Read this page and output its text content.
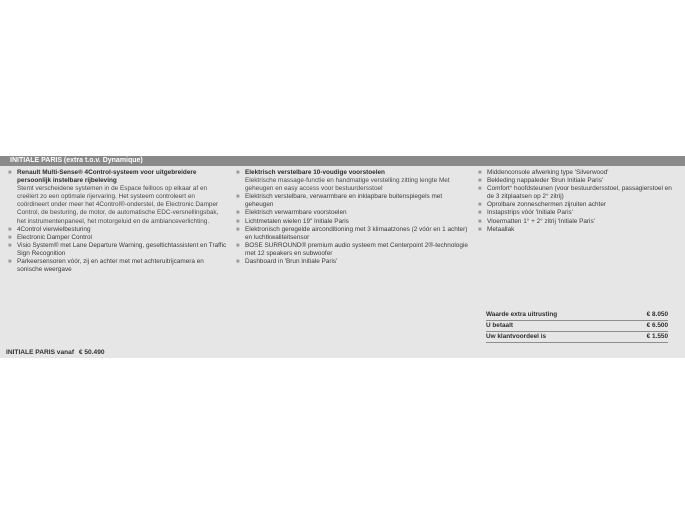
INITIALE PARIS (extra t.o.v. Dynamique)
■ Renault Multi-Sense® 4Control-systeem voor uitgebreidere persoonlijk instelbare rijbeleving
Stemt verscheidene systemen in de Espace feilloos op elkaar af en creëlert zo een optimale rijervaring. Het systeem controleert en coördineert onder meer het 4Control®-onderstel, de Electronic Damper Control, de besturing, de motor, de automatische EDC-versnellingsbak, het instrumentenpaneel, het motorgeluid en de ambianceverlichting.
■ 4Control vierwielbesturing
■ Electronic Damper Control
■ Visio System® met Lane Departure Warning, geseltichtassistent en Traffic Sign Recognition
■ Parkeersensoren vóór, zij en achter met met achteruitrijcamera en sonische weergave
■ Elektrisch verstelbare 10-voudige voorstoelen
Elektrische massage-functie en handmatige verstelling zitting lengte Met geheugen en easy access voor bestuurdersstoel
■ Elektrisch verstelbare, verwarmbare en inklapbare buitenspiegels met geheugen
■ Elektrisch verwarmbare voorstoelen
■ Lichtmetalen wielen 19" Initiale Paris
■ Elektronisch geregelde airconditioning met 3 klimaatzones (2 vóór en 1 achter) en luchtkwaliteitsensor
■ BOSE SURROUND® premium audio systeem met Centerpoint 2®-technologie met 12 speakers en subwoofer
■ Dashboard in 'Brun Initiale Paris'
■ Middenconsole afwerking type 'Silverwood'
■ Bekleding nappaleder 'Brun Initiale Paris'
■ Comfort° hoofdsteunen (voor bestuurdersstoel, passagierstoel en de 3 zitplaatsen op 2° zitrij)
■ Oprolbare zonneschermen zijruiten achter
■ Instapstrips vóór 'Initiale Paris'
■ Vloermatten 1° + 2° zitrij 'Initiale Paris'
■ Metaallak
Waarde extra uitrusting	€ 8.050
U betaalt	€ 6.500
Uw klantvoordeel is	€ 1.550
INITIALE PARIS vanaf € 50.490
